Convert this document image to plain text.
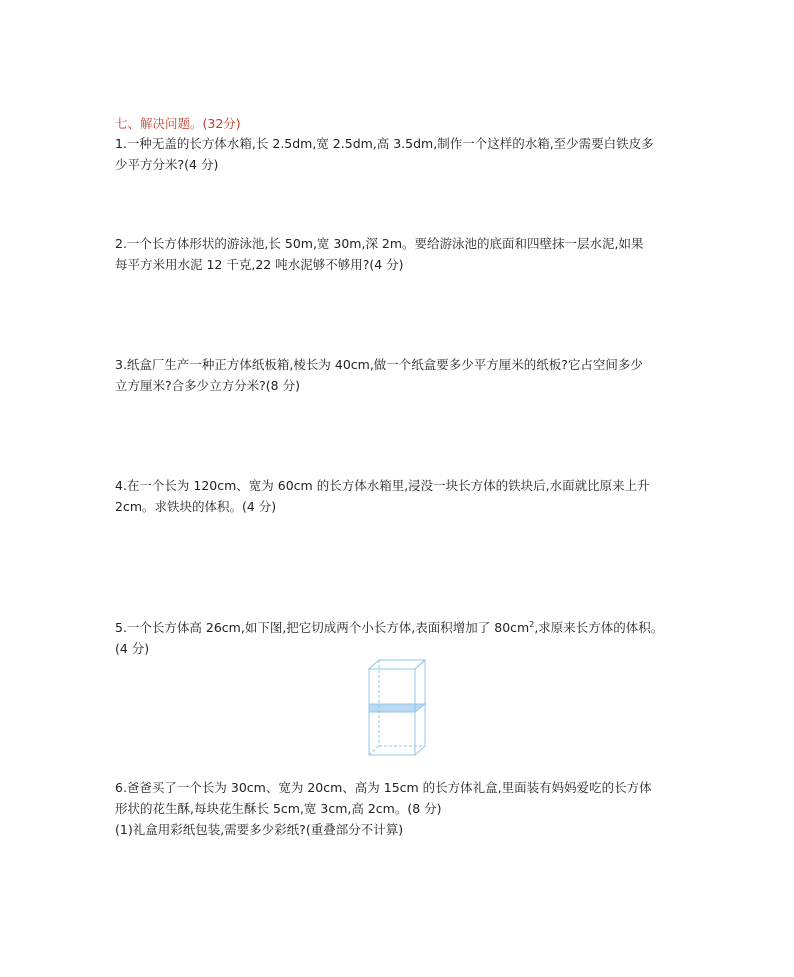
七、解决问题。(32分)
1.一种无盖的长方体水箱,长 2.5dm,宽 2.5dm,高 3.5dm,制作一个这样的水箱,至少需要白铁皮多
少平方分米?(4 分)
2.一个长方体形状的游泳池,长 50m,宽 30m,深 2m。要给游泳池的底面和四壁抹一层水泥,如果
每平方米用水泥 12 千克,22 吨水泥够不够用?(4 分)
3.纸盒厂生产一种正方体纸板箱,棱长为 40cm,做一个纸盒要多少平方厘米的纸板?它占空间多少
立方厘米?合多少立方分米?(8 分)
4.在一个长为 120cm、宽为 60cm 的长方体水箱里,浸没一块长方体的铁块后,水面就比原来上升
2cm。求铁块的体积。(4 分)
5.一个长方体高 26cm,如下图,把它切成两个小长方体,表面积增加了 $80cm^2$,求原来长方体的体积。
(4 分)
6.爸爸买了一个长为 30cm、宽为 20cm、高为 15cm 的长方体礼盒,里面装有妈妈爱吃的长方体
形状的花生酥,每块花生酥长 5cm,宽 3cm,高 2cm。(8 分)
(1)礼盒用彩纸包装,需要多少彩纸?(重叠部分不计算)
